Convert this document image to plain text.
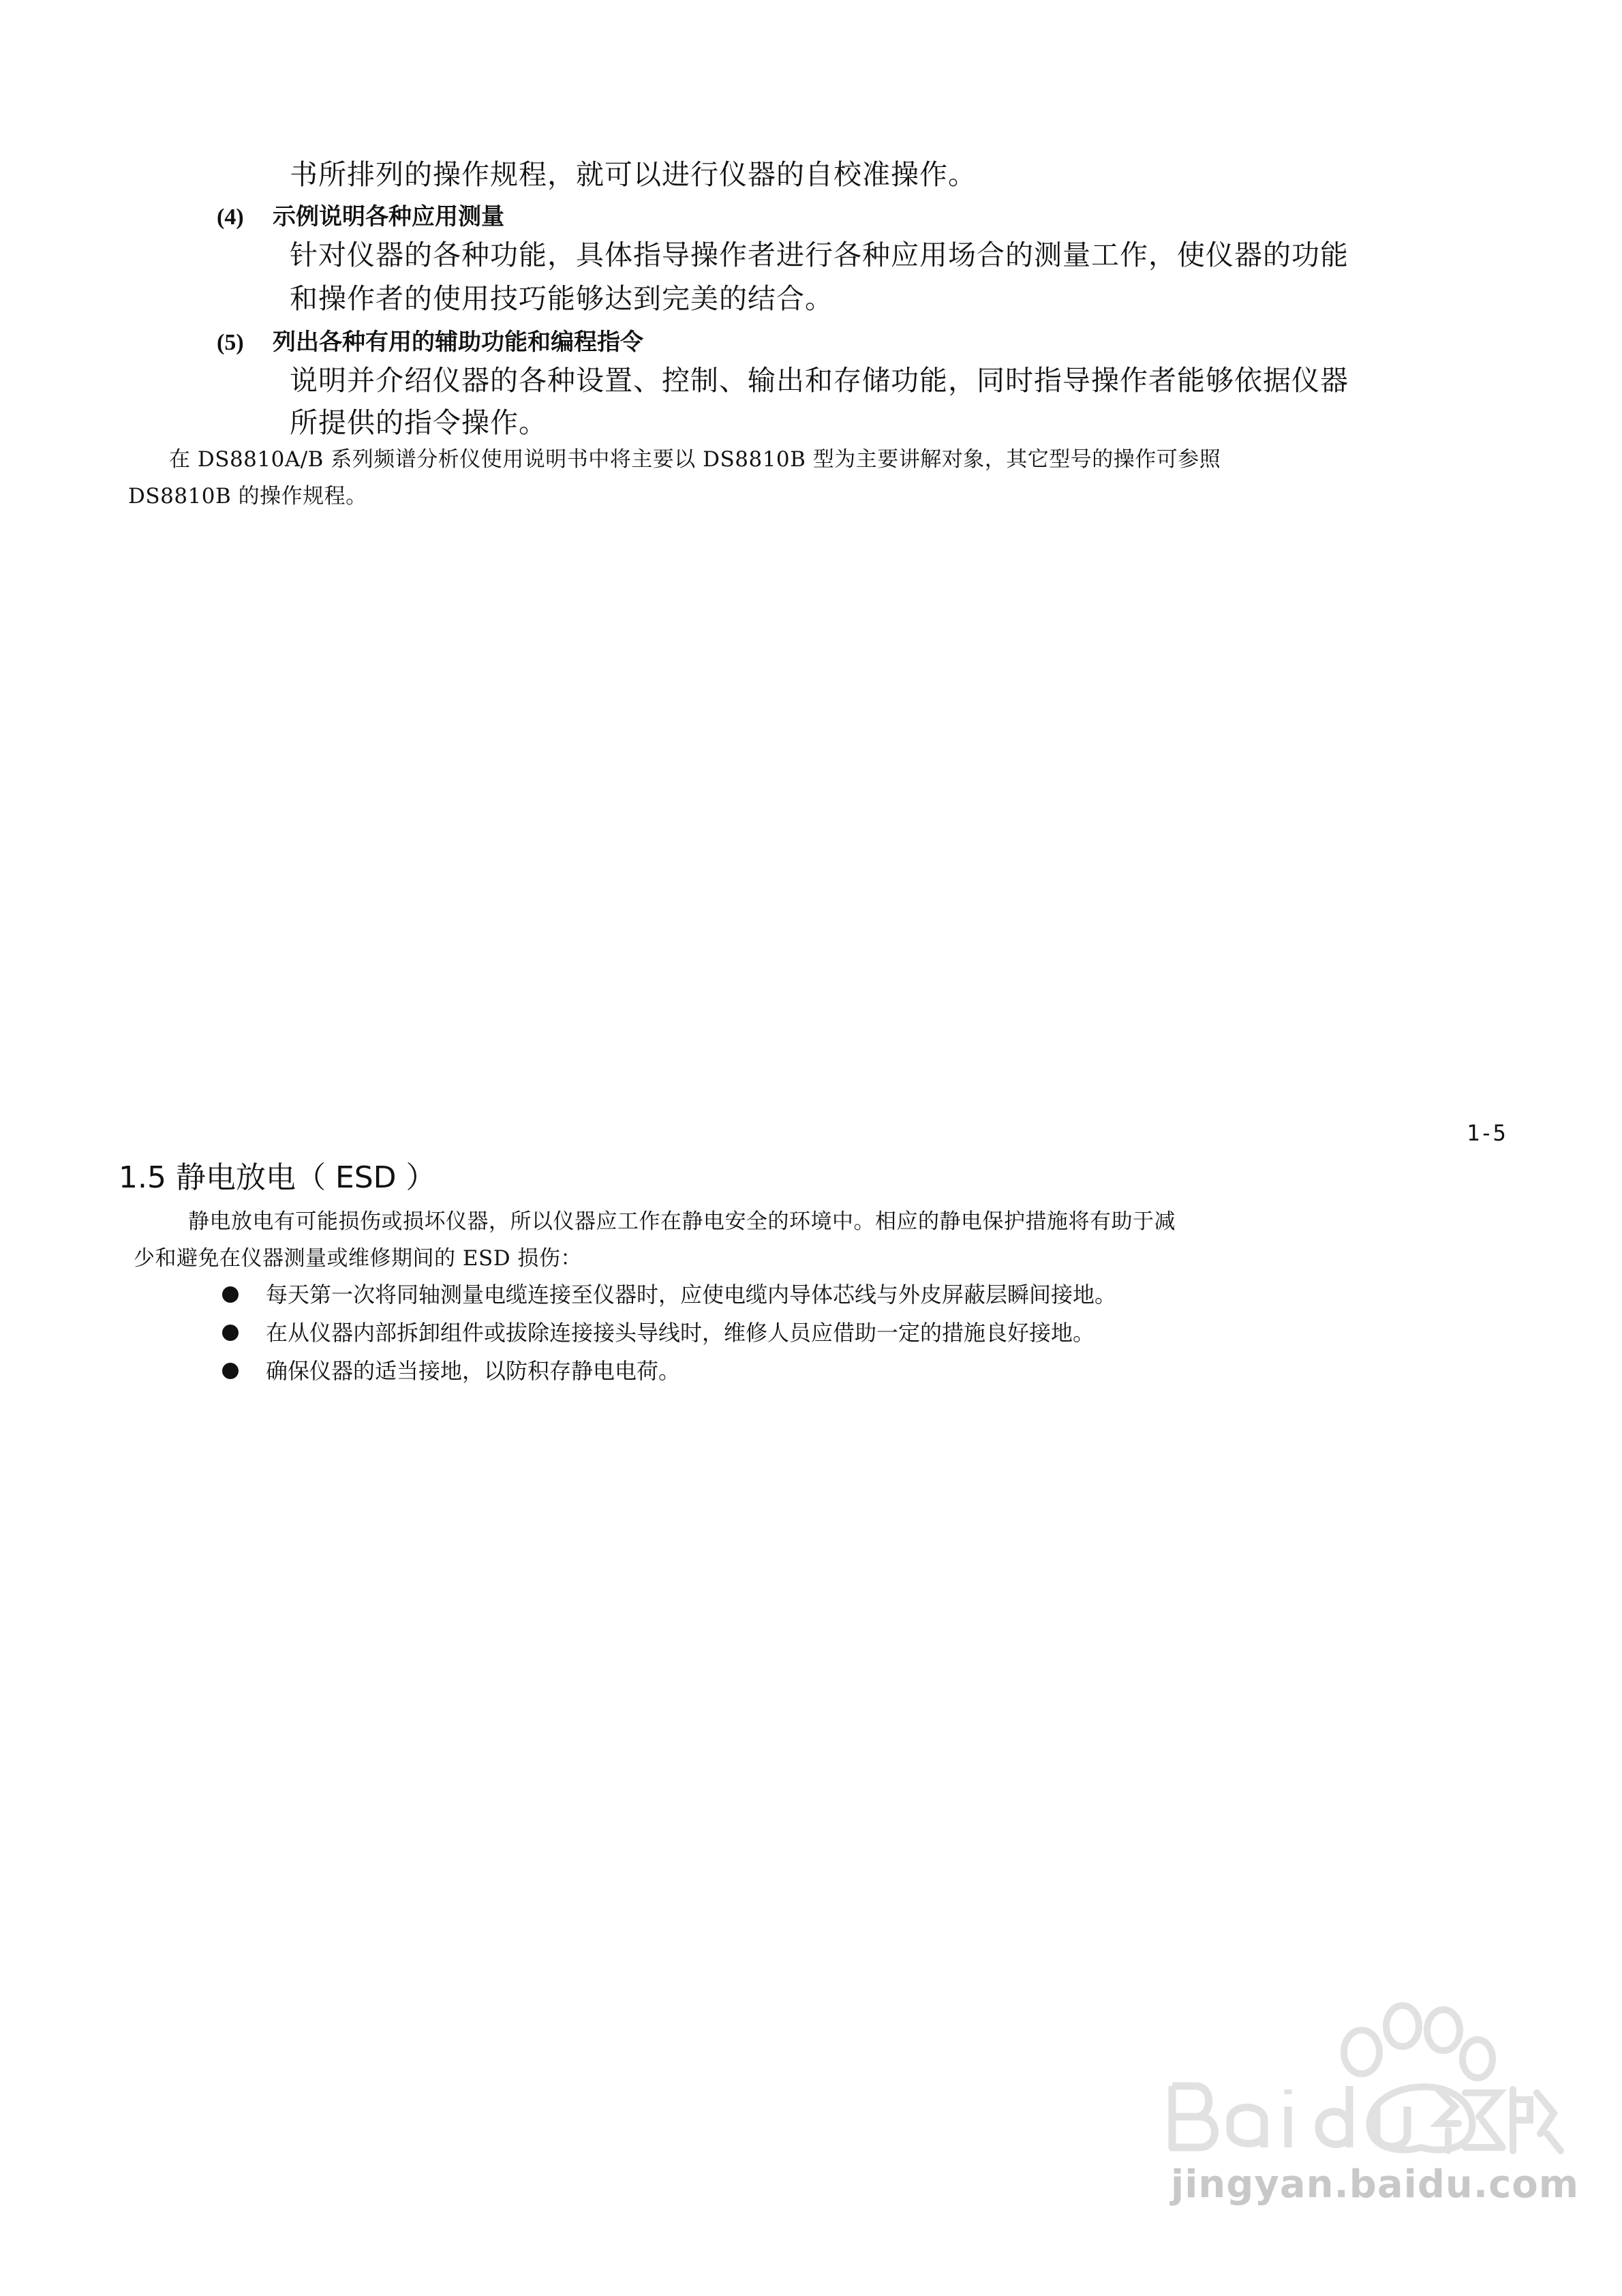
书所排列的操作规程，就可以进行仪器的自校准操作。
(4) 示例说明各种应用测量
针对仪器的各种功能，具体指导操作者进行各种应用场合的测量工作，使仪器的功能
和操作者的使用技巧能够达到完美的结合。
(5) 列出各种有用的辅助功能和编程指令
说明并介绍仪器的各种设置、控制、输出和存储功能，同时指导操作者能够依据仪器
所提供的指令操作。
在 DS8810A/B 系列频谱分析仪使用说明书中将主要以 DS8810B 型为主要讲解对象，其它型号的操作可参照
DS8810B 的操作规程。
1-5
1.5 静电放电（ ESD ）
静电放电有可能损伤或损坏仪器，所以仪器应工作在静电安全的环境中。相应的静电保护措施将有助于减
少和避免在仪器测量或维修期间的 ESD 损伤：
每天第一次将同轴测量电缆连接至仪器时，应使电缆内导体芯线与外皮屏蔽层瞬间接地。
在从仪器内部拆卸组件或拔除连接接头导线时，维修人员应借助一定的措施良好接地。
确保仪器的适当接地，以防积存静电电荷。
jingyan.baidu.com
